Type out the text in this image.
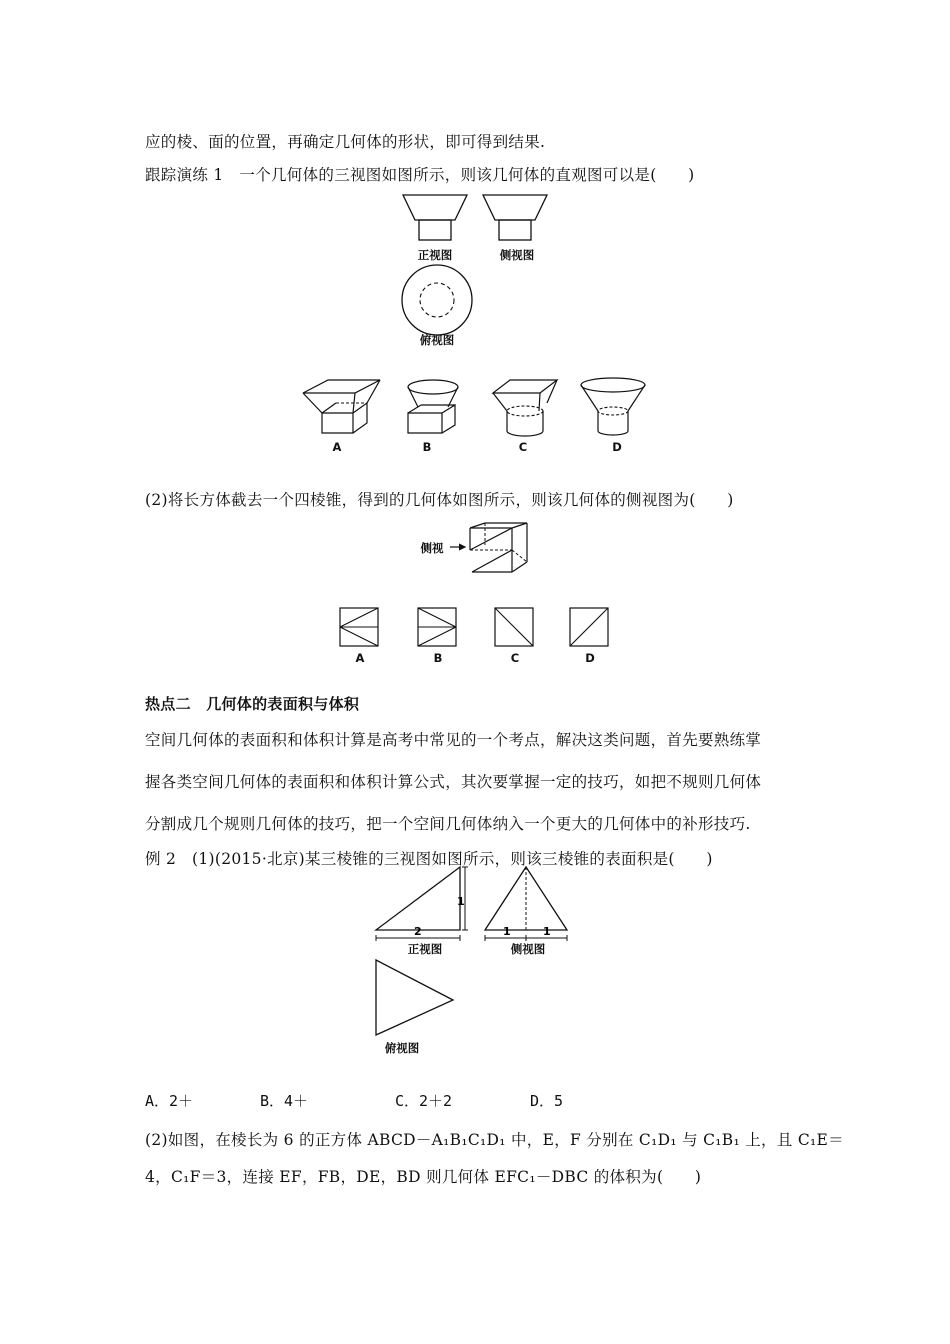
应的棱、面的位置，再确定几何体的形状，即可得到结果.
跟踪演练 1　一个几何体的三视图如图所示，则该几何体的直观图可以是(　　)
正视图	侧视图
俯视图
A	B	C	D
(2)将长方体截去一个四棱锥，得到的几何体如图所示，则该几何体的侧视图为(　　)
侧视
A	B	C	D
热点二　几何体的表面积与体积
空间几何体的表面积和体积计算是高考中常见的一个考点，解决这类问题，首先要熟练掌
握各类空间几何体的表面积和体积计算公式，其次要掌握一定的技巧，如把不规则几何体
分割成几个规则几何体的技巧，把一个空间几何体纳入一个更大的几何体中的补形技巧.
例 2　(1)(2015·北京)某三棱锥的三视图如图所示，则该三棱锥的表面积是(　　)
1
2	1	1
正视图	侧视图
俯视图
A．2＋	B．4＋	C．2＋2	D．5
(2)如图，在棱长为 6 的正方体 ABCD－A₁B₁C₁D₁ 中，E，F 分别在 C₁D₁ 与 C₁B₁ 上，且 C₁E＝
4，C₁F＝3，连接 EF，FB，DE，BD 则几何体 EFC₁－DBC 的体积为(　　)
